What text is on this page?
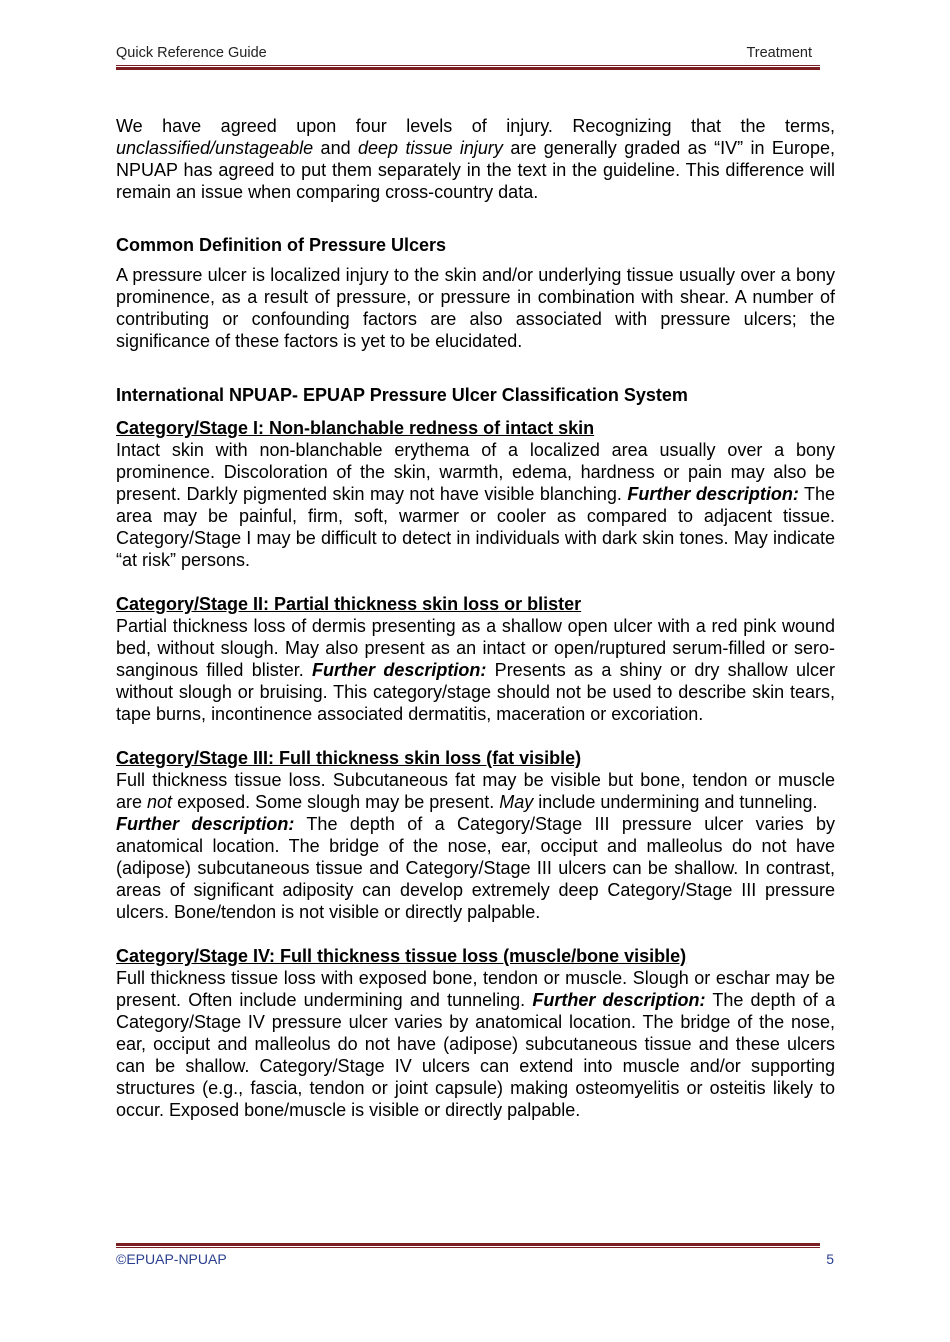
Quick Reference Guide	Treatment

We have agreed upon four levels of injury. Recognizing that the terms, unclassified/unstageable and deep tissue injury are generally graded as “IV” in Europe, NPUAP has agreed to put them separately in the text in the guideline. This difference will remain an issue when comparing cross-country data.

Common Definition of Pressure Ulcers

A pressure ulcer is localized injury to the skin and/or underlying tissue usually over a bony prominence, as a result of pressure, or pressure in combination with shear. A number of contributing or confounding factors are also associated with pressure ulcers; the significance of these factors is yet to be elucidated.

International NPUAP- EPUAP Pressure Ulcer Classification System

Category/Stage I: Non-blanchable redness of intact skin

Intact skin with non-blanchable erythema of a localized area usually over a bony prominence. Discoloration of the skin, warmth, edema, hardness or pain may also be present. Darkly pigmented skin may not have visible blanching. Further description: The area may be painful, firm, soft, warmer or cooler as compared to adjacent tissue. Category/Stage I may be difficult to detect in individuals with dark skin tones. May indicate “at risk” persons.

Category/Stage II: Partial thickness skin loss or blister

Partial thickness loss of dermis presenting as a shallow open ulcer with a red pink wound bed, without slough. May also present as an intact or open/ruptured serum-filled or sero-sanginous filled blister. Further description: Presents as a shiny or dry shallow ulcer without slough or bruising. This category/stage should not be used to describe skin tears, tape burns, incontinence associated dermatitis, maceration or excoriation.

Category/Stage III: Full thickness skin loss (fat visible)

Full thickness tissue loss. Subcutaneous fat may be visible but bone, tendon or muscle are not exposed. Some slough may be present. May include undermining and tunneling.

Further description: The depth of a Category/Stage III pressure ulcer varies by anatomical location. The bridge of the nose, ear, occiput and malleolus do not have (adipose) subcutaneous tissue and Category/Stage III ulcers can be shallow. In contrast, areas of significant adiposity can develop extremely deep Category/Stage III pressure ulcers. Bone/tendon is not visible or directly palpable.

Category/Stage IV: Full thickness tissue loss (muscle/bone visible)

Full thickness tissue loss with exposed bone, tendon or muscle. Slough or eschar may be present. Often include undermining and tunneling. Further description: The depth of a Category/Stage IV pressure ulcer varies by anatomical location. The bridge of the nose, ear, occiput and malleolus do not have (adipose) subcutaneous tissue and these ulcers can be shallow. Category/Stage IV ulcers can extend into muscle and/or supporting structures (e.g., fascia, tendon or joint capsule) making osteomyelitis or osteitis likely to occur. Exposed bone/muscle is visible or directly palpable.

©EPUAP-NPUAP	5
